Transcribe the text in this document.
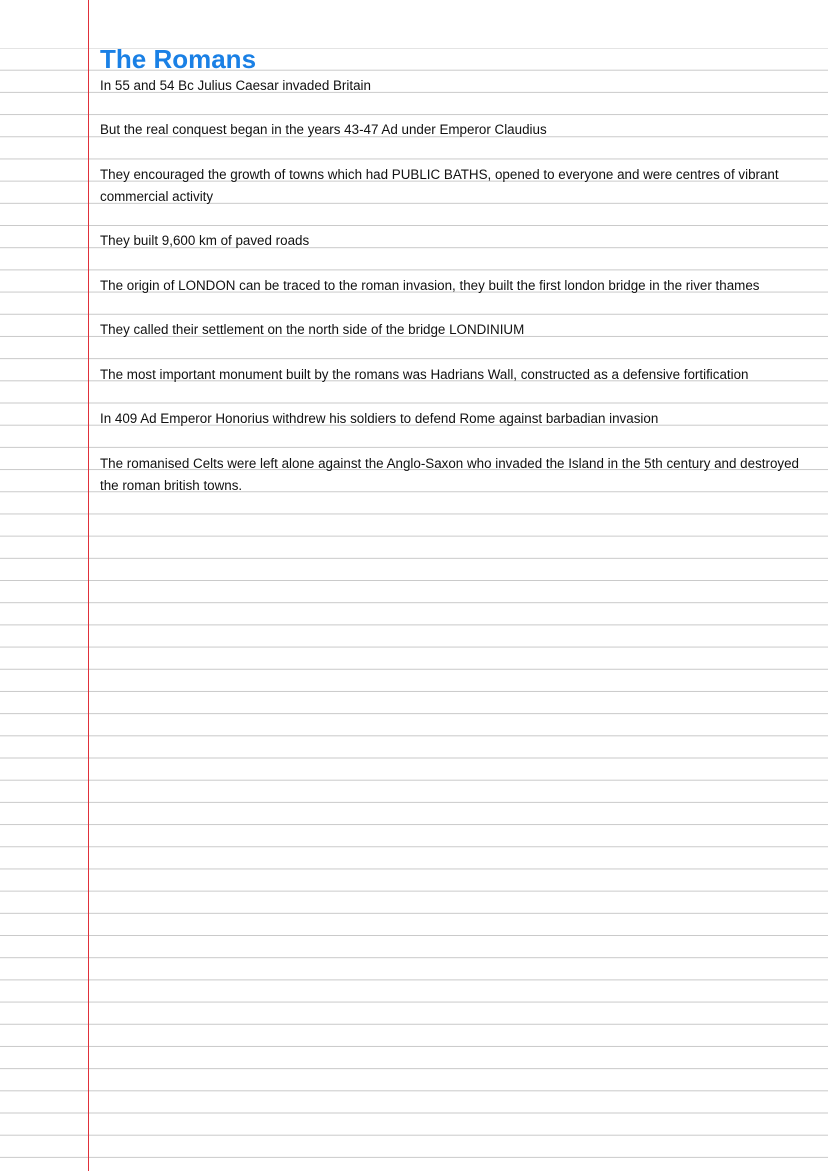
The Romans

In 55 and 54 Bc Julius Caesar invaded Britain

But the real conquest began in the years 43-47 Ad under Emperor Claudius

They encouraged the growth of towns which had PUBLIC BATHS, opened to everyone and were centres of vibrant commercial activity

They built 9,600 km of paved roads

The origin of LONDON can be traced to the roman invasion, they built the first london bridge in the river thames

They called their settlement on the north side of the bridge LONDINIUM

The most important monument built by the romans was Hadrians Wall, constructed as a defensive fortification

In 409 Ad Emperor Honorius withdrew his soldiers to defend Rome against barbadian invasion

The romanised Celts were left alone against the Anglo-Saxon who invaded the Island in the 5th century and destroyed the roman british towns.
